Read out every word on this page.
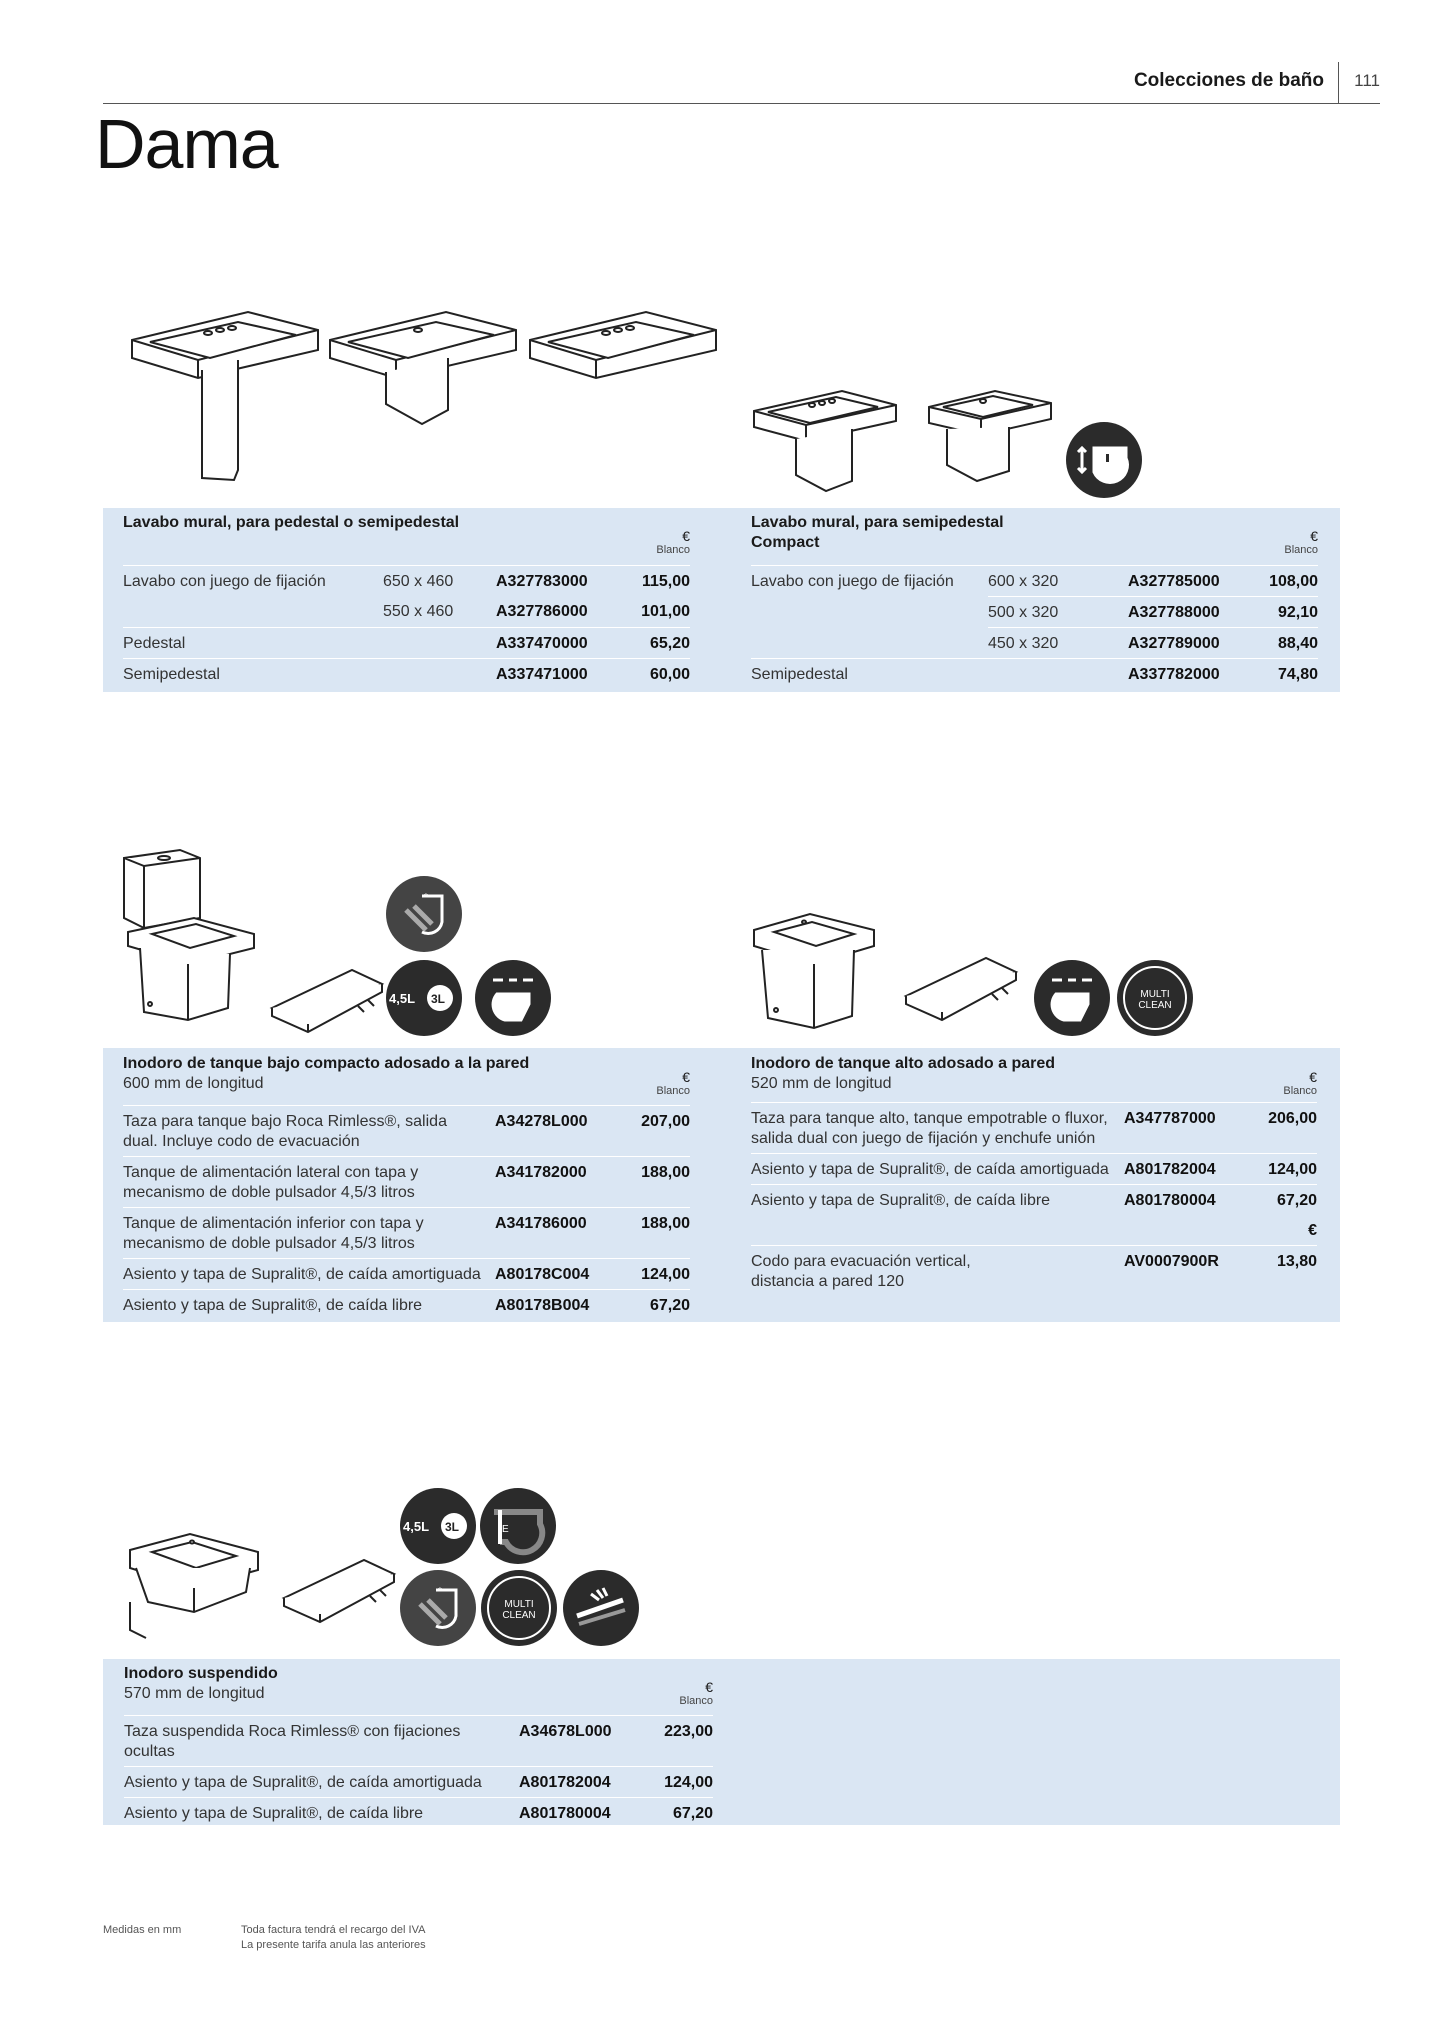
Colecciones de baño 111
Dama
Lavabo mural, para pedestal o semipedestal
€
Blanco
Lavabo con juego de fijación	650 x 460	A327783000	115,00
550 x 460	A327786000	101,00
Pedestal	A337470000	65,20
Semipedestal	A337471000	60,00
Lavabo mural, para semipedestal
Compact	€
Blanco
Lavabo con juego de fijación 600 x 320	A327785000	108,00
500 x 320	A327788000	92,10
450 x 320	A327789000	88,40
Semipedestal	A337782000	74,80
*
4,5L 3L	MULTI
CLEAN
Inodoro de tanque bajo compacto adosado a la pared
600 mm de longitud	€
Blanco
Taza para tanque bajo Roca Rimless®, salida
dual. Incluye codo de evacuación
A34278L000	207,00
Tanque de alimentación lateral con tapa y
mecanismo de doble pulsador 4,5/3 litros
A341782000	188,00
Tanque de alimentación inferior con tapa y
mecanismo de doble pulsador 4,5/3 litros
A341786000	188,00
Asiento y tapa de Supralit®, de caída amortiguada A80178C004	124,00
Asiento y tapa de Supralit®, de caída libre	A80178B004	67,20
Inodoro de tanque alto adosado a pared
520 mm de longitud	€
Blanco
Taza para tanque alto, tanque empotrable o fluxor,
salida dual con juego de fijación y enchufe unión
A347787000	206,00
Asiento y tapa de Supralit®, de caída amortiguada A801782004	124,00
Asiento y tapa de Supralit®, de caída libre	A801780004	67,20
€
Codo para evacuación vertical,
distancia a pared 120
AV0007900R	13,80
4,5L 3L	E
*
MULTI
CLEAN
Inodoro suspendido
570 mm de longitud	€
Blanco
Taza suspendida Roca Rimless® con fijaciones
ocultas
A34678L000	223,00
Asiento y tapa de Supralit®, de caída amortiguada A801782004	124,00
Asiento y tapa de Supralit®, de caída libre	A801780004	67,20
Medidas en mm	Toda factura tendrá el recargo del IVA
La presente tarifa anula las anteriores
